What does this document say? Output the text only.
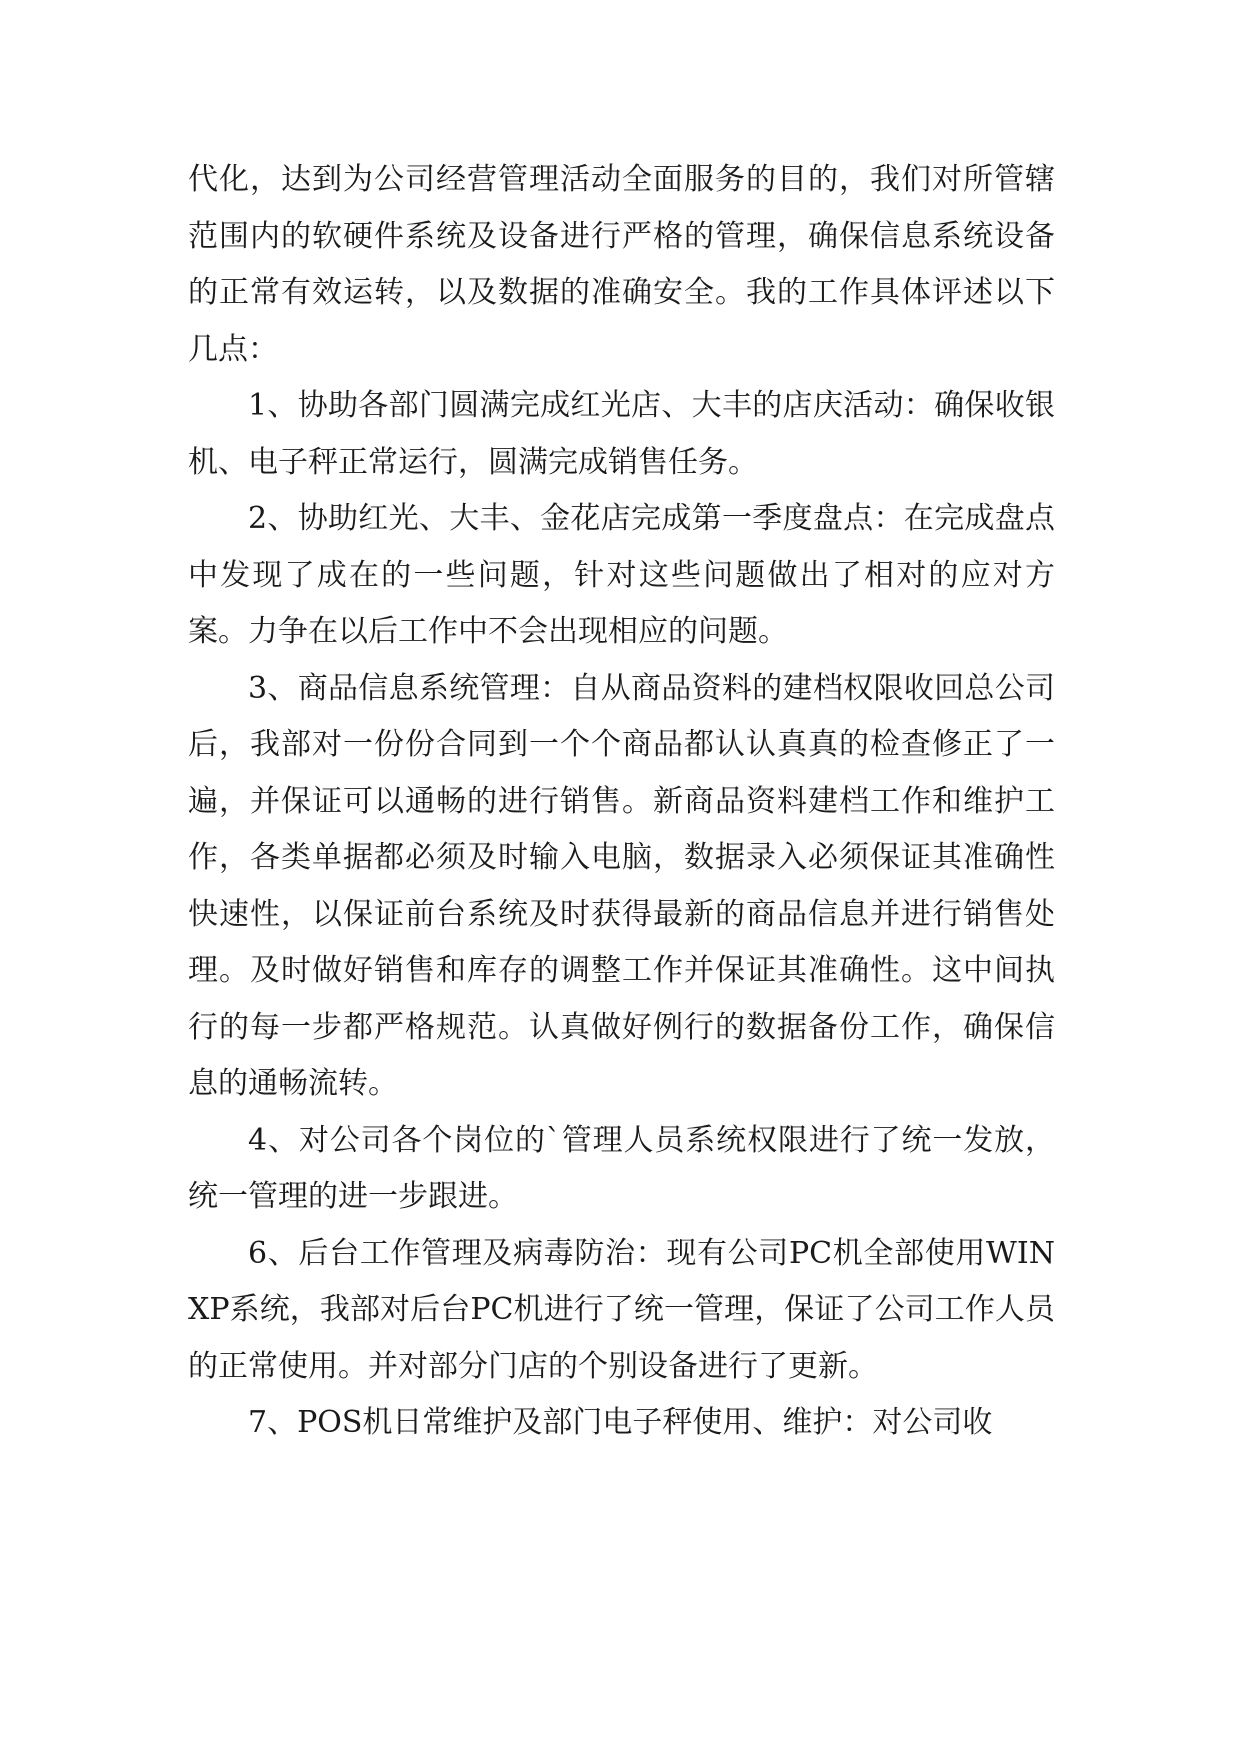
代化，达到为公司经营管理活动全面服务的目的，我们对所管辖范围内的软硬件系统及设备进行严格的管理，确保信息系统设备的正常有效运转，以及数据的准确安全。我的工作具体评述以下几点：

1、协助各部门圆满完成红光店、大丰的店庆活动：确保收银机、电子秤正常运行，圆满完成销售任务。

2、协助红光、大丰、金花店完成第一季度盘点：在完成盘点中发现了成在的一些问题，针对这些问题做出了相对的应对方案。力争在以后工作中不会出现相应的问题。

3、商品信息系统管理：自从商品资料的建档权限收回总公司后，我部对一份份合同到一个个商品都认认真真的检查修正了一遍，并保证可以通畅的进行销售。新商品资料建档工作和维护工作，各类单据都必须及时输入电脑，数据录入必须保证其准确性快速性，以保证前台系统及时获得最新的商品信息并进行销售处理。及时做好销售和库存的调整工作并保证其准确性。这中间执行的每一步都严格规范。认真做好例行的数据备份工作，确保信息的通畅流转。

4、对公司各个岗位的`管理人员系统权限进行了统一发放，统一管理的进一步跟进。

6、后台工作管理及病毒防治：现有公司PC机全部使用WIN XP系统，我部对后台PC机进行了统一管理，保证了公司工作人员的正常使用。并对部分门店的个别设备进行了更新。

7、POS机日常维护及部门电子秤使用、维护：对公司收
